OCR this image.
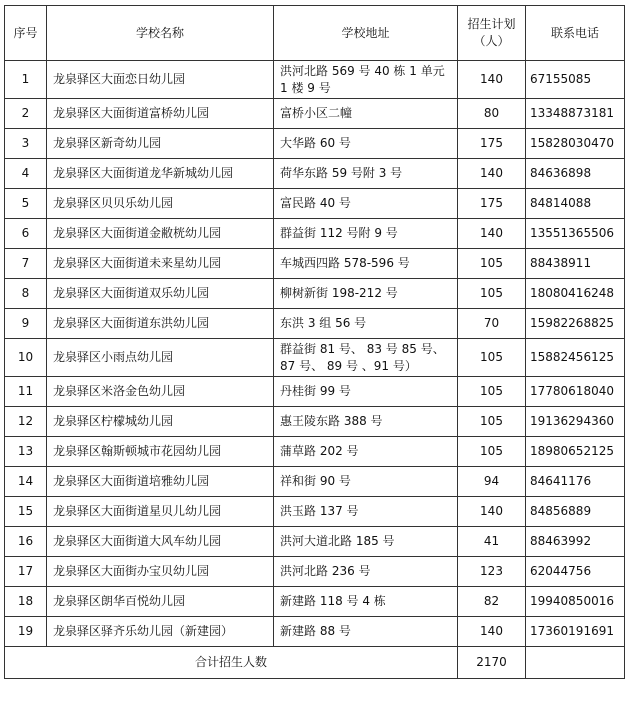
序号	学校名称	学校地址	招生计划（人）	联系电话
1	龙泉驿区大面恋日幼儿园	洪河北路 569 号 40 栋 1 单元 1 楼 9 号	140	67155085
2	龙泉驿区大面街道富桥幼儿园	富桥小区二幢	80	13348873181
3	龙泉驿区新奇幼儿园	大华路 60 号	175	15828030470
4	龙泉驿区大面街道龙华新城幼儿园	荷华东路 59 号附 3 号	140	84636898
5	龙泉驿区贝贝乐幼儿园	富民路 40 号	175	84814088
6	龙泉驿区大面街道金敝桄幼儿园	群益街 112 号附 9 号	140	13551365506
7	龙泉驿区大面街道未来星幼儿园	车城西四路 578-596 号	105	88438911
8	龙泉驿区大面街道双乐幼儿园	柳树新街 198-212 号	105	18080416248
9	龙泉驿区大面街道东洪幼儿园	东洪 3 组 56 号	70	15982268825
10	龙泉驿区小雨点幼儿园	群益街 81 号、 83 号 85 号、87 号、 89 号 、91 号）	105	15882456125
11	龙泉驿区米洛金色幼儿园	丹桂街 99 号	105	17780618040
12	龙泉驿区柠檬城幼儿园	惠王陵东路 388 号	105	19136294360
13	龙泉驿区翰斯顿城市花园幼儿园	蒲草路 202 号	105	18980652125
14	龙泉驿区大面街道培雅幼儿园	祥和街 90 号	94	84641176
15	龙泉驿区大面街道星贝儿幼儿园	洪玉路 137 号	140	84856889
16	龙泉驿区大面街道大风车幼儿园	洪河大道北路 185 号	41	88463992
17	龙泉驿区大面街办宝贝幼儿园	洪河北路 236 号	123	62044756
18	龙泉驿区朗华百悦幼儿园	新建路 118 号 4 栋	82	19940850016
19	龙泉驿区驿齐乐幼儿园（新建园）	新建路 88 号	140	17360191691
合计招生人数			2170	
